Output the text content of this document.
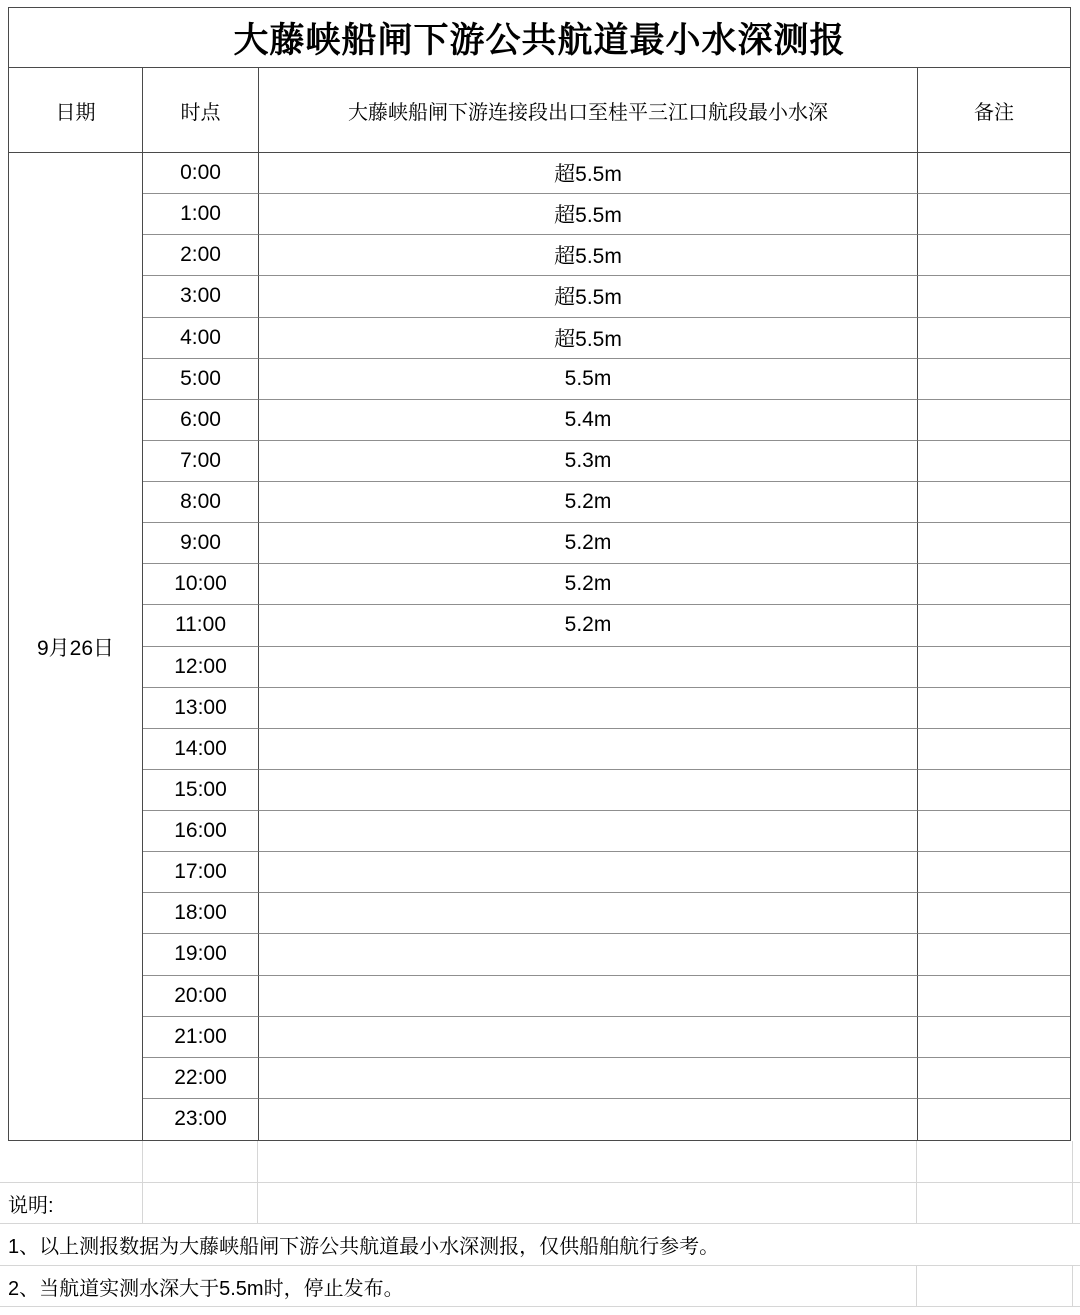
大藤峡船闸下游公共航道最小水深测报
日期	时点	大藤峡船闸下游连接段出口至桂平三江口航段最小水深	备注
9月26日
0:00	超5.5m
1:00	超5.5m
2:00	超5.5m
3:00	超5.5m
4:00	超5.5m
5:00	5.5m
6:00	5.4m
7:00	5.3m
8:00	5.2m
9:00	5.2m
10:00	5.2m
11:00	5.2m
12:00
13:00
14:00
15:00
16:00
17:00
18:00
19:00
20:00
21:00
22:00
23:00
说明:
1、以上测报数据为大藤峡船闸下游公共航道最小水深测报，仅供船舶航行参考。
2、当航道实测水深大于5.5m时，停止发布。
